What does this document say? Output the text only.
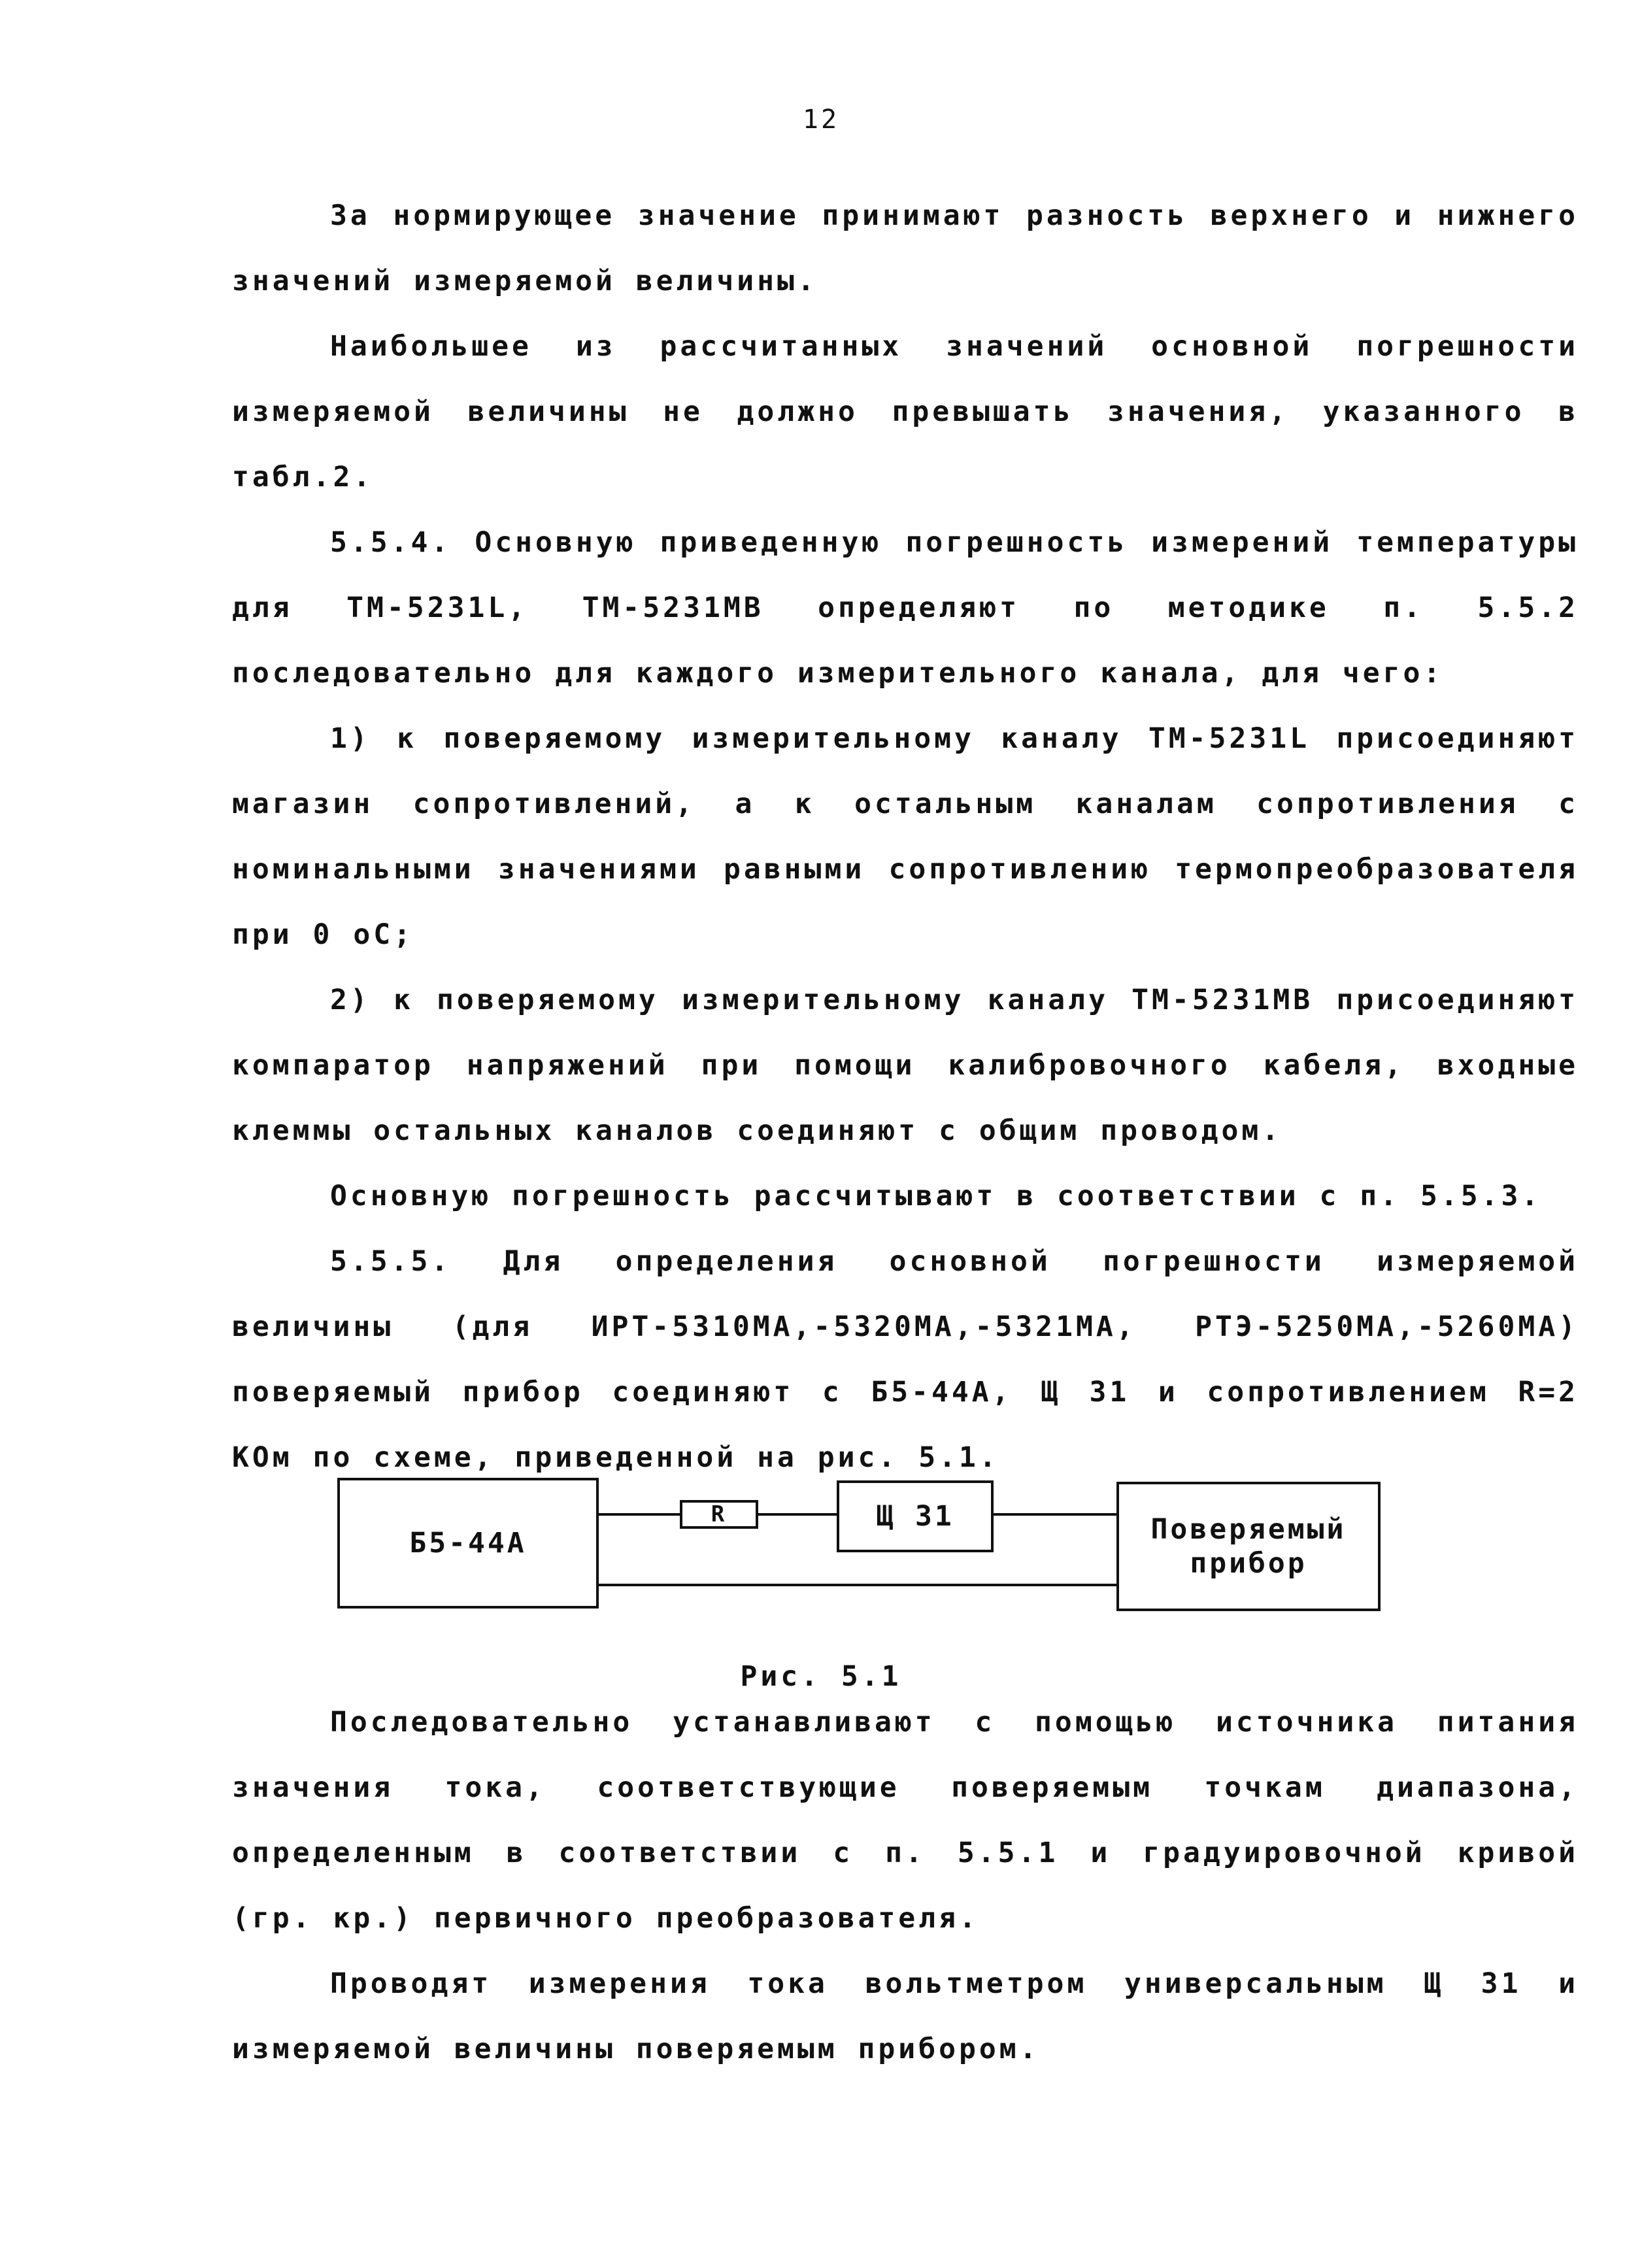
12

За нормирующее значение принимают разность верхнего и нижнего значений измеряемой величины.

Наибольшее из рассчитанных значений основной погрешности измеряемой величины не должно превышать значения, указанного в табл.2.

5.5.4. Основную приведенную погрешность измерений температуры для ТМ-5231L, ТМ-5231МВ определяют по методике п. 5.5.2 последовательно для каждого измерительного канала, для чего:

1) к поверяемому измерительному каналу ТМ-5231L присоединяют магазин сопротивлений, а к остальным каналам сопротивления с номинальными значениями равными сопротивлению термопреобразователя при 0 оС;

2) к поверяемому измерительному каналу ТМ-5231МВ присоединяют компаратор напряжений при помощи калибровочного кабеля, входные клеммы остальных каналов соединяют с общим проводом.

Основную погрешность рассчитывают в соответствии с п. 5.5.3.

5.5.5. Для определения основной погрешности измеряемой величины (для ИРТ-5310МА,-5320МА,-5321МА, РТЭ-5250МА,-5260МА) поверяемый прибор соединяют с Б5-44А, Щ 31 и сопротивлением R=2 КОм по схеме, приведенной на рис. 5.1.

Б5-44А
R	Щ 31	Поверяемый
прибор
Рис. 5.1

Последовательно устанавливают с помощью источника питания значения тока, соответствующие поверяемым точкам диапазона, определенным в соответствии с п. 5.5.1 и градуировочной кривой (гр. кр.) первичного преобразователя.

Проводят измерения тока вольтметром универсальным Щ 31 и измеряемой величины поверяемым прибором.
